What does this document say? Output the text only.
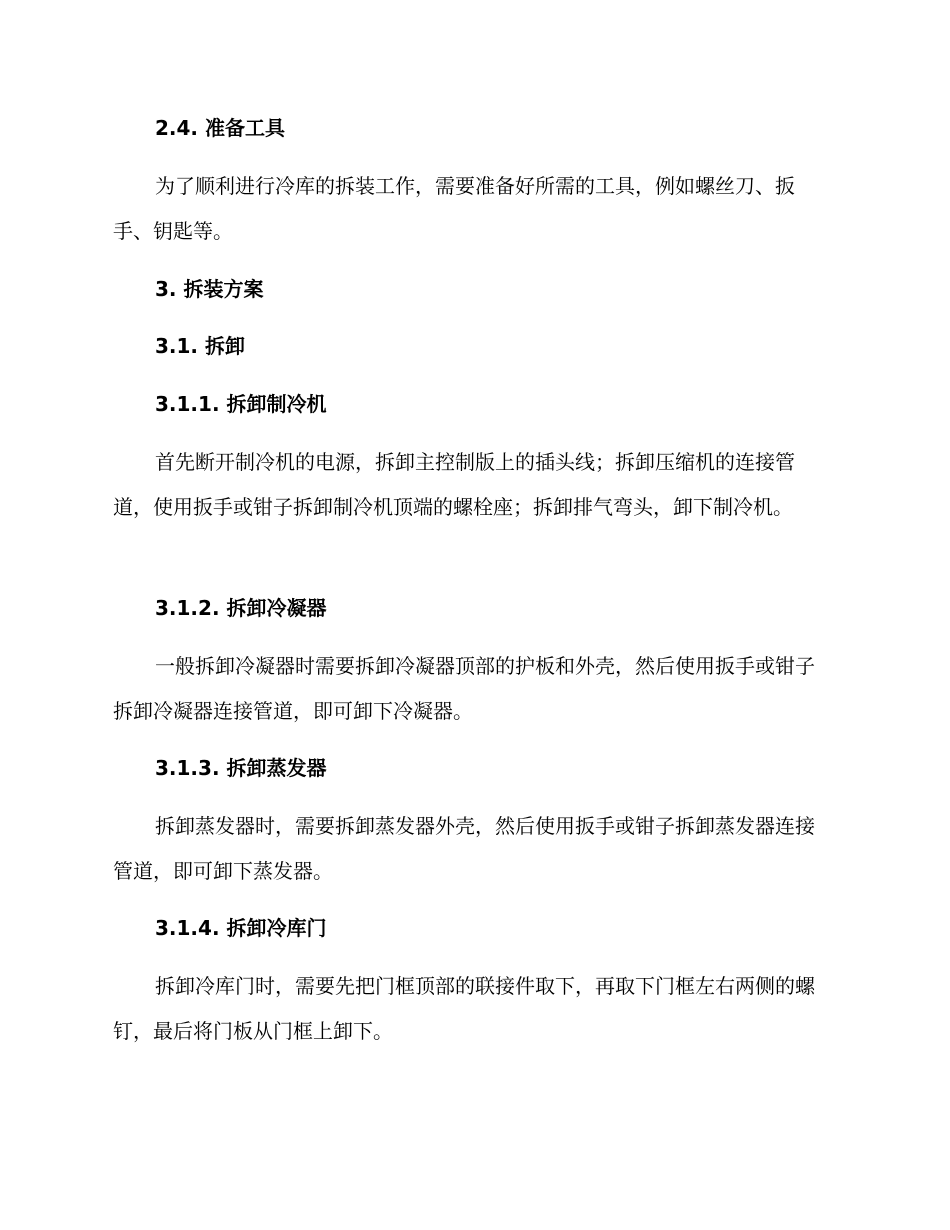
2.4. 准备工具
为了顺利进行冷库的拆装工作，需要准备好所需的工具，例如螺丝刀、扳手、钥匙等。
3. 拆装方案
3.1. 拆卸
3.1.1. 拆卸制冷机
首先断开制冷机的电源，拆卸主控制版上的插头线；拆卸压缩机的连接管道，使用扳手或钳子拆卸制冷机顶端的螺栓座；拆卸排气弯头，卸下制冷机。
3.1.2. 拆卸冷凝器
一般拆卸冷凝器时需要拆卸冷凝器顶部的护板和外壳，然后使用扳手或钳子拆卸冷凝器连接管道，即可卸下冷凝器。
3.1.3. 拆卸蒸发器
拆卸蒸发器时，需要拆卸蒸发器外壳，然后使用扳手或钳子拆卸蒸发器连接管道，即可卸下蒸发器。
3.1.4. 拆卸冷库门
拆卸冷库门时，需要先把门框顶部的联接件取下，再取下门框左右两侧的螺钉，最后将门板从门框上卸下。
